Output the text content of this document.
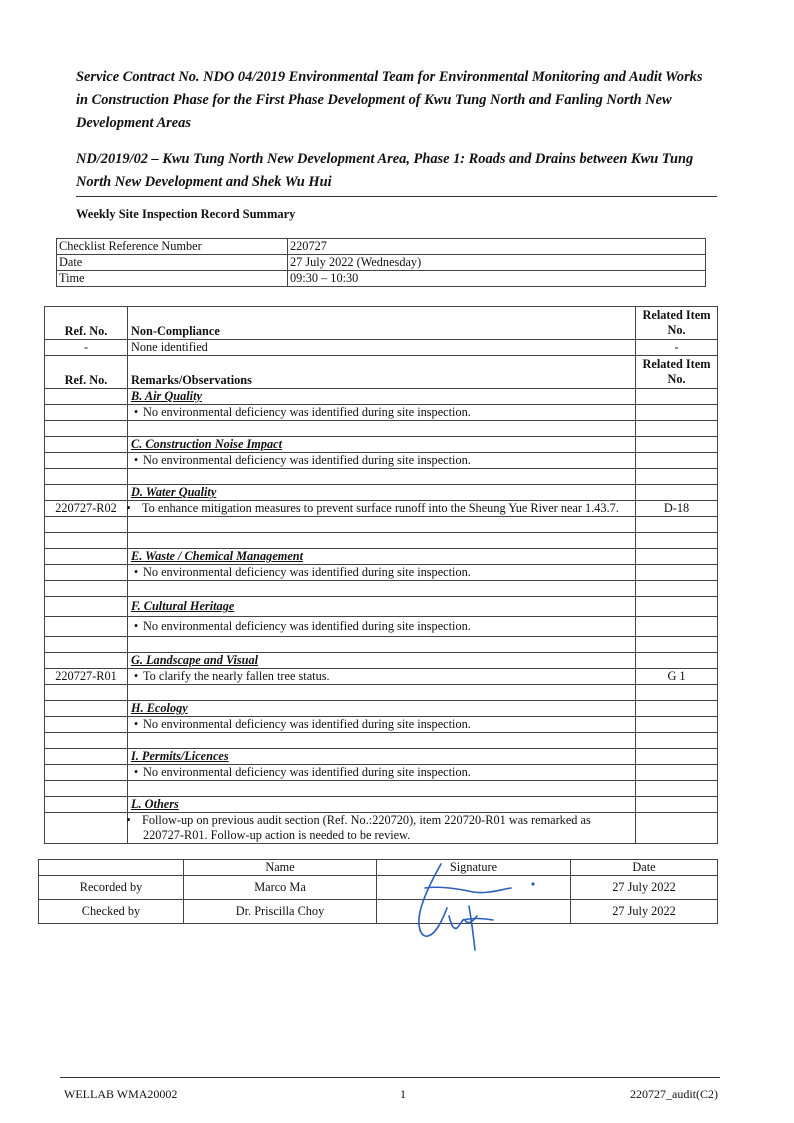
Service Contract No. NDO 04/2019 Environmental Team for Environmental Monitoring and Audit Works in Construction Phase for the First Phase Development of Kwu Tung North and Fanling North New Development Areas
ND/2019/02 – Kwu Tung North New Development Area, Phase 1: Roads and Drains between Kwu Tung North New Development and Shek Wu Hui
Weekly Site Inspection Record Summary
Checklist Reference Number	220727
Date	27 July 2022 (Wednesday)
Time	09:30 – 10:30
Ref. No.	Non-Compliance	Related Item No.
-	None identified	-
Ref. No.	Remarks/Observations	Related Item No.
	B. Air Quality	
	• No environmental deficiency was identified during site inspection.	

	C. Construction Noise Impact	
	• No environmental deficiency was identified during site inspection.	

	D. Water Quality	
220727-R02	• To enhance mitigation measures to prevent surface runoff into the Sheung Yue River near 1.43.7.	D-18

	E. Waste / Chemical Management	
	• No environmental deficiency was identified during site inspection.	

	F. Cultural Heritage	
	• No environmental deficiency was identified during site inspection.	

	G. Landscape and Visual	
220727-R01	• To clarify the nearly fallen tree status.	G 1

	H. Ecology	
	• No environmental deficiency was identified during site inspection.	

	I. Permits/Licences	
	• No environmental deficiency was identified during site inspection.	

	L. Others	
	• Follow-up on previous audit section (Ref. No.:220720), item 220720-R01 was remarked as 220727-R01. Follow-up action is needed to be review.	
	Name	Signature	Date
Recorded by	Marco Ma		27 July 2022
Checked by	Dr. Priscilla Choy		27 July 2022
WELLAB WMA20002	1	220727_audit(C2)
